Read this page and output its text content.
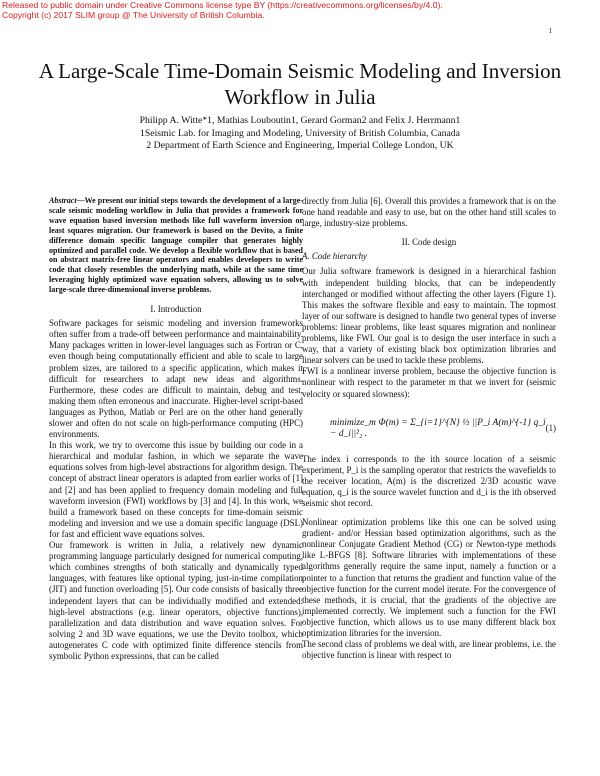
Released to public domain under Creative Commons license type BY (https://creativecommons.org/licenses/by/4.0).
Copyright (c) 2017 SLIM group @ The University of British Columbia.
1
A Large-Scale Time-Domain Seismic Modeling and Inversion Workflow in Julia
Philipp A. Witte*1, Mathias Louboutin1, Gerard Gorman2 and Felix J. Herrmann1
1Seismic Lab. for Imaging and Modeling, University of British Columbia, Canada
2 Department of Earth Science and Engineering, Imperial College London, UK
Abstract—We present our initial steps towards the development of a large-scale seismic modeling workflow in Julia that provides a framework for wave equation based inversion methods like full waveform inversion or least squares migration. Our framework is based on the Devito, a finite difference domain specific language compiler that generates highly optimized and parallel code. We develop a flexible workflow that is based on abstract matrix-free linear operators and enables developers to write code that closely resembles the underlying math, while at the same time leveraging highly optimized wave equation solvers, allowing us to solve large-scale three-dimensional inverse problems.
I. Introduction

Software packages for seismic modeling and inversion frameworks often suffer from a trade-off between performance and maintainability. Many packages written in lower-level languages such as Fortran or C, even though being computationally efficient and able to scale to large problem sizes, are tailored to a specific application, which makes it difficult for researchers to adapt new ideas and algorithms. Furthermore, these codes are difficult to maintain, debug and test, making them often erroneous and inaccurate. Higher-level script-based languages as Python, Matlab or Perl are on the other hand generally slower and often do not scale on high-performance computing (HPC) environments.

In this work, we try to overcome this issue by building our code in a hierarchical and modular fashion, in which we separate the wave equations solves from high-level abstractions for algorithm design. The concept of abstract linear operators is adapted from earlier works of [1] and [2] and has been applied to frequency domain modeling and full waveform inversion (FWI) workflows by [3] and [4]. In this work, we build a framework based on these concepts for time-domain seismic modeling and inversion and we use a domain specific language (DSL) for fast and efficient wave equations solves.

Our framework is written in Julia, a relatively new dynamic programming language particularly designed for numerical computing, which combines strengths of both statically and dynamically typed languages, with features like optional typing, just-in-time compilation (JIT) and function overloading [5]. Our code consists of basically three independent layers that can be individually modified and extended: high-level abstractions (e.g. linear operators, objective functions), parallelization and data distribution and wave equation solves. For solving 2 and 3D wave equations, we use the Devito toolbox, which autogenerates C code with optimized finite difference stencils from symbolic Python expressions, that can be called

directly from Julia [6]. Overall this provides a framework that is on the one hand readable and easy to use, but on the other hand still scales to large, industry-size problems.

II. Code design
A. Code hierarchy

Our Julia software framework is designed in a hierarchical fashion with independent building blocks, that can be independently interchanged or modified without affecting the other layers (Figure 1). This makes the software flexible and easy to maintain. The topmost layer of our software is designed to handle two general types of inverse problems: linear problems, like least squares migration and nonlinear problems, like FWI. Our goal is to design the user interface in such a way, that a variety of existing black box optimization libraries and linear solvers can be used to tackle these problems.

FWI is a nonlinear inverse problem, because the objective function is nonlinear with respect to the parameter m that we invert for (seismic velocity or squared slowness):

minimize_m Φ(m) = Σ_{i=1}^{N} ½ ||P_i A(m)^{-1} q_i − d_i||²₂ .
(1)

The index i corresponds to the ith source location of a seismic experiment, P_i is the sampling operator that restricts the wavefields to the receiver location, A(m) is the discretized 2/3D acoustic wave equation, q_i is the source wavelet function and d_i is the ith observed seismic shot record.

Nonlinear optimization problems like this one can be solved using gradient- and/or Hessian based optimization algorithms, such as the nonlinear Conjugate Gradient Method (CG) or Newton-type methods like L-BFGS [8]. Software libraries with implementations of these algorithms generally require the same input, namely a function or a pointer to a function that returns the gradient and function value of the objective function for the current model iterate. For the convergence of these methods, it is crucial, that the gradients of the objective are implemented correctly. We implement such a function for the FWI objective function, which allows us to use many different black box optimization libraries for the inversion.

The second class of problems we deal with, are linear problems, i.e. the objective function is linear with respect to
